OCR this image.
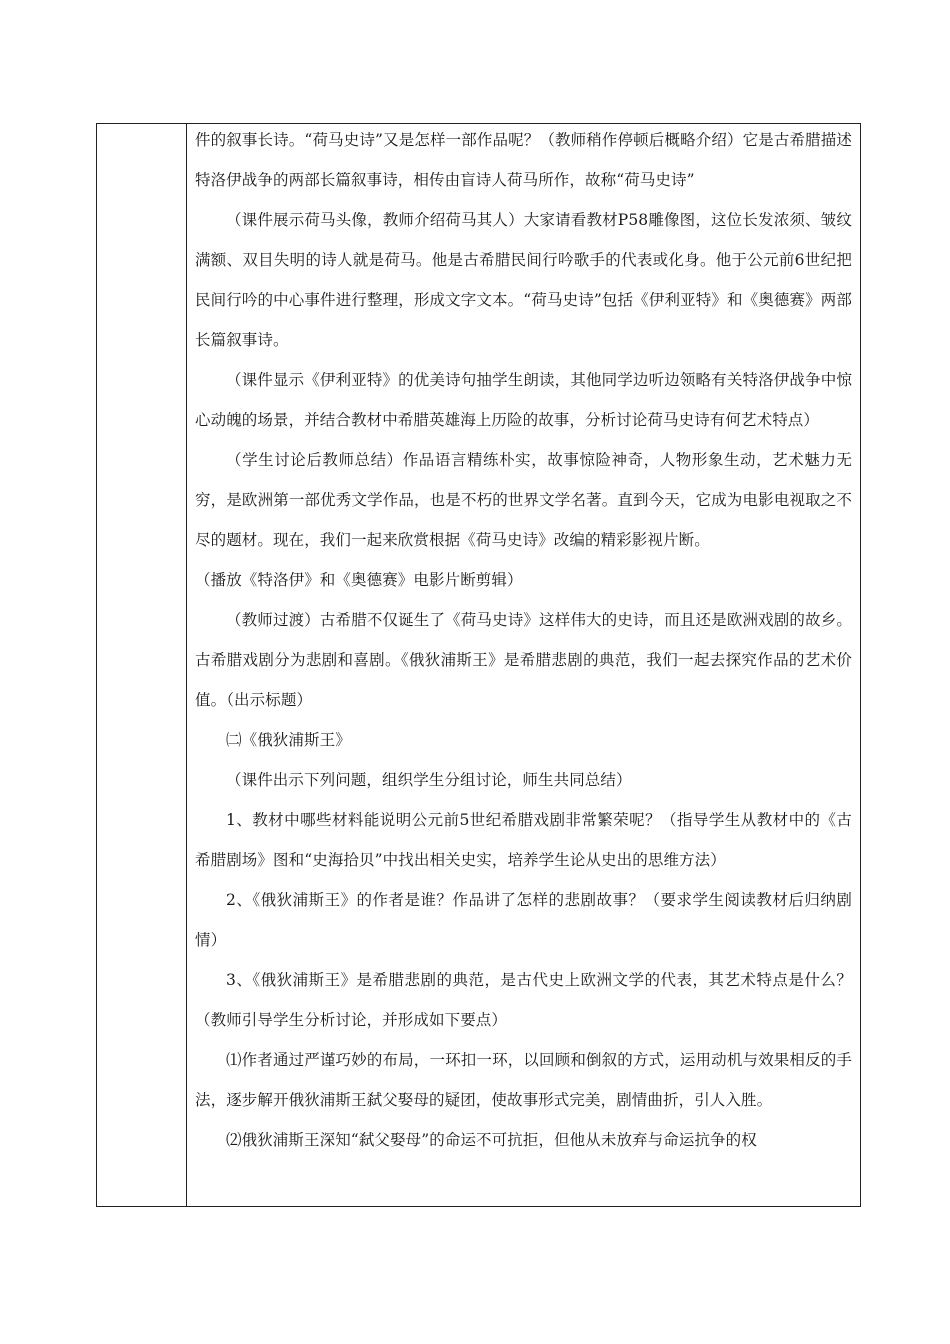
件的叙事长诗。“荷马史诗”又是怎样一部作品呢？（教师稍作停顿后概略介绍）它是古希腊描述特洛伊战争的两部长篇叙事诗，相传由盲诗人荷马所作，故称“荷马史诗”

（课件展示荷马头像，教师介绍荷马其人）大家请看教材P58雕像图，这位长发浓须、皱纹满额、双目失明的诗人就是荷马。他是古希腊民间行吟歌手的代表或化身。他于公元前6世纪把民间行吟的中心事件进行整理，形成文字文本。“荷马史诗”包括《伊利亚特》和《奥德赛》两部长篇叙事诗。

（课件显示《伊利亚特》的优美诗句抽学生朗读，其他同学边听边领略有关特洛伊战争中惊心动魄的场景，并结合教材中希腊英雄海上历险的故事，分析讨论荷马史诗有何艺术特点）

（学生讨论后教师总结）作品语言精练朴实，故事惊险神奇，人物形象生动，艺术魅力无穷，是欧洲第一部优秀文学作品，也是不朽的世界文学名著。直到今天，它成为电影电视取之不尽的题材。现在，我们一起来欣赏根据《荷马史诗》改编的精彩影视片断。

（播放《特洛伊》和《奥德赛》电影片断剪辑）

（教师过渡）古希腊不仅诞生了《荷马史诗》这样伟大的史诗，而且还是欧洲戏剧的故乡。古希腊戏剧分为悲剧和喜剧。《俄狄浦斯王》是希腊悲剧的典范，我们一起去探究作品的艺术价值。（出示标题）

㈡《俄狄浦斯王》

（课件出示下列问题，组织学生分组讨论，师生共同总结）

1、教材中哪些材料能说明公元前5世纪希腊戏剧非常繁荣呢？（指导学生从教材中的《古希腊剧场》图和“史海拾贝”中找出相关史实，培养学生论从史出的思维方法）

2、《俄狄浦斯王》的作者是谁？作品讲了怎样的悲剧故事？（要求学生阅读教材后归纳剧情）

3、《俄狄浦斯王》是希腊悲剧的典范，是古代史上欧洲文学的代表，其艺术特点是什么？（教师引导学生分析讨论，并形成如下要点）

⑴作者通过严谨巧妙的布局，一环扣一环，以回顾和倒叙的方式，运用动机与效果相反的手法，逐步解开俄狄浦斯王弑父娶母的疑团，使故事形式完美，剧情曲折，引人入胜。

⑵俄狄浦斯王深知“弑父娶母”的命运不可抗拒，但他从未放弃与命运抗争的权
